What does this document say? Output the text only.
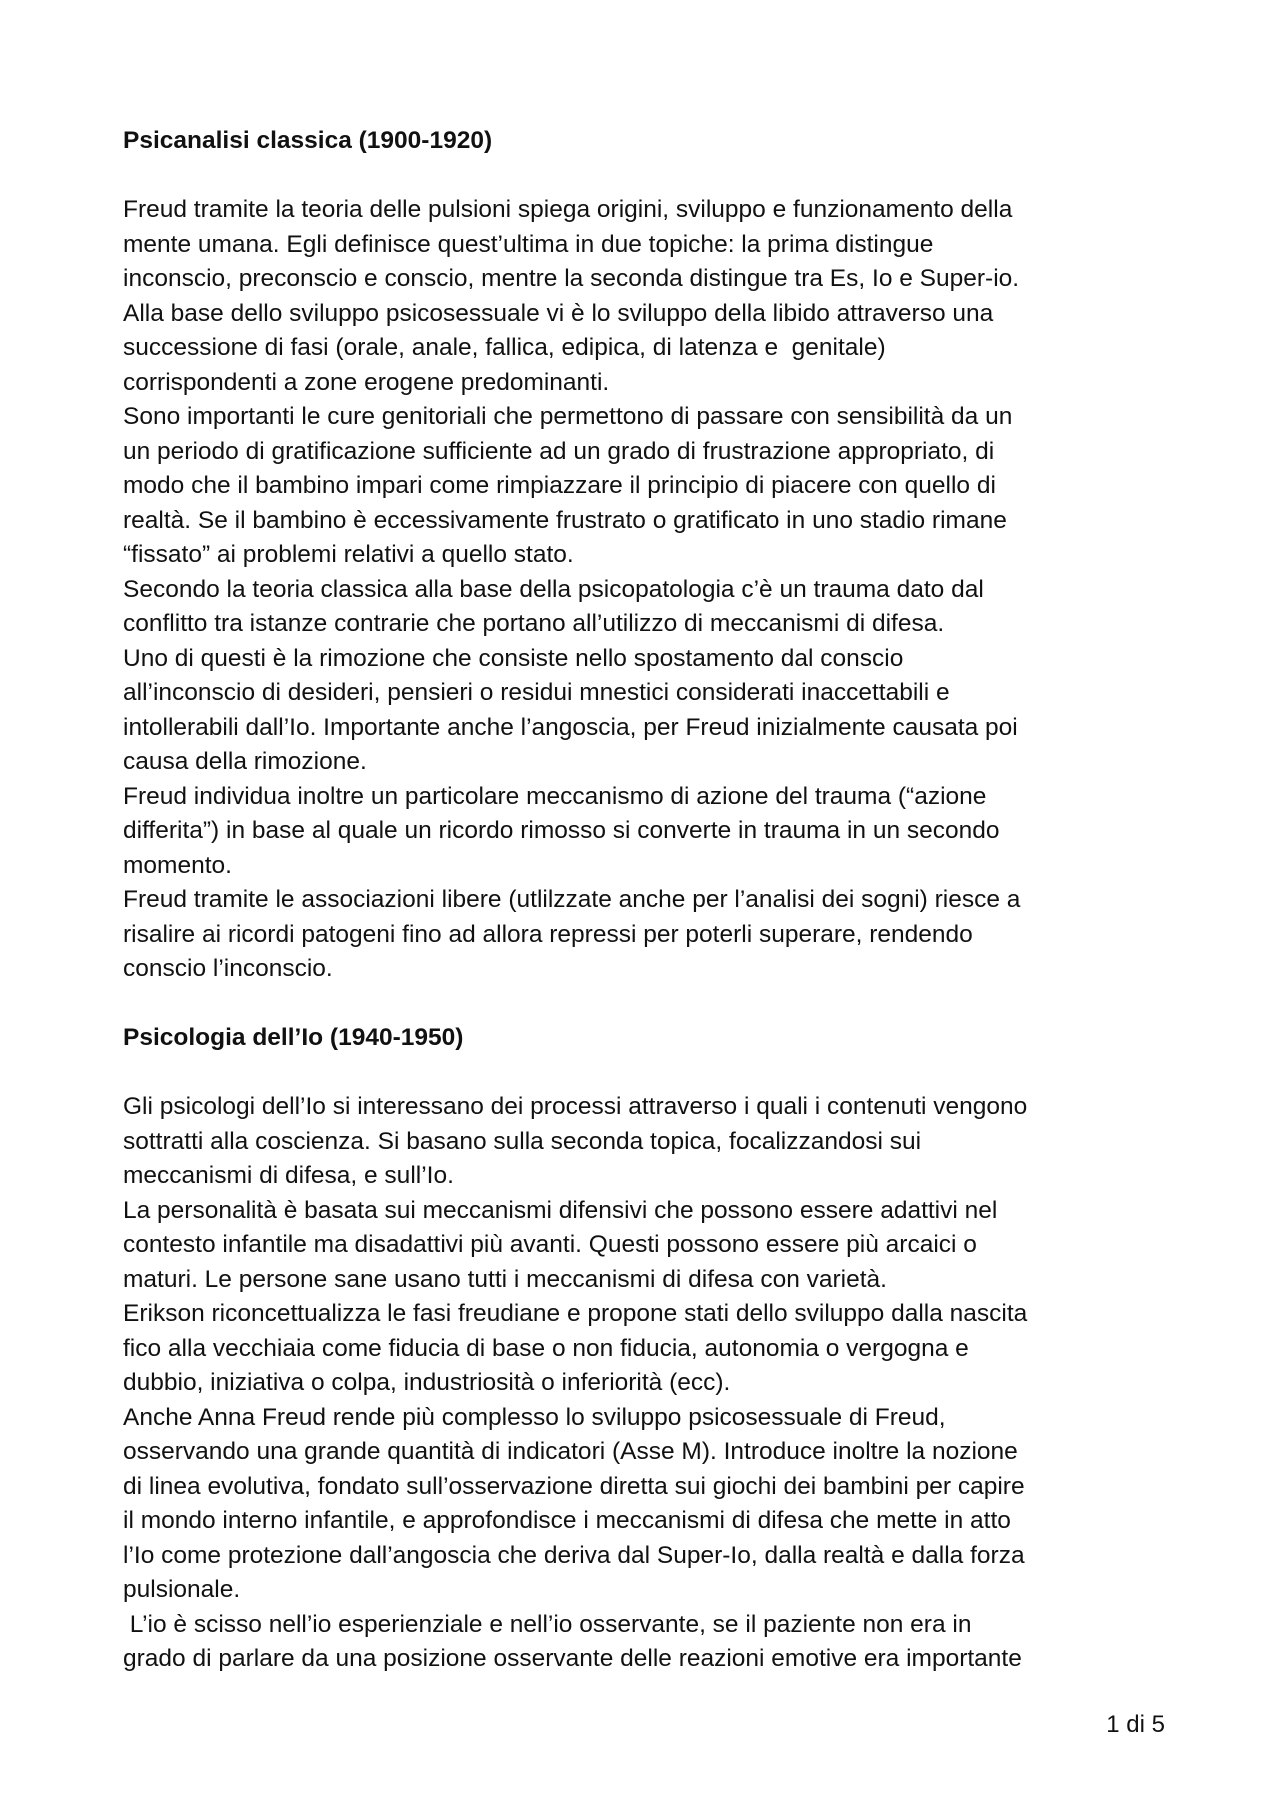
Psicanalisi classica (1900-1920)
Freud tramite la teoria delle pulsioni spiega origini, sviluppo e funzionamento della
mente umana. Egli definisce quest’ultima in due topiche: la prima distingue
inconscio, preconscio e conscio, mentre la seconda distingue tra Es, Io e Super-io.
Alla base dello sviluppo psicosessuale vi è lo sviluppo della libido attraverso una
successione di fasi (orale, anale, fallica, edipica, di latenza e  genitale)
corrispondenti a zone erogene predominanti.
Sono importanti le cure genitoriali che permettono di passare con sensibilità da un
un periodo di gratificazione sufficiente ad un grado di frustrazione appropriato, di
modo che il bambino impari come rimpiazzare il principio di piacere con quello di
realtà. Se il bambino è eccessivamente frustrato o gratificato in uno stadio rimane
“fissato” ai problemi relativi a quello stato.
Secondo la teoria classica alla base della psicopatologia c’è un trauma dato dal
conflitto tra istanze contrarie che portano all’utilizzo di meccanismi di difesa.
Uno di questi è la rimozione che consiste nello spostamento dal conscio
all’inconscio di desideri, pensieri o residui mnestici considerati inaccettabili e
intollerabili dall’Io. Importante anche l’angoscia, per Freud inizialmente causata poi
causa della rimozione.
Freud individua inoltre un particolare meccanismo di azione del trauma (“azione
differita”) in base al quale un ricordo rimosso si converte in trauma in un secondo
momento.
Freud tramite le associazioni libere (utlilzzate anche per l’analisi dei sogni) riesce a
risalire ai ricordi patogeni fino ad allora repressi per poterli superare, rendendo
conscio l’inconscio.
Psicologia dell’Io (1940-1950)
Gli psicologi dell’Io si interessano dei processi attraverso i quali i contenuti vengono
sottratti alla coscienza. Si basano sulla seconda topica, focalizzandosi sui
meccanismi di difesa, e sull’Io.
La personalità è basata sui meccanismi difensivi che possono essere adattivi nel
contesto infantile ma disadattivi più avanti. Questi possono essere più arcaici o
maturi. Le persone sane usano tutti i meccanismi di difesa con varietà.
Erikson riconcettualizza le fasi freudiane e propone stati dello sviluppo dalla nascita
fico alla vecchiaia come fiducia di base o non fiducia, autonomia o vergogna e
dubbio, iniziativa o colpa, industriosità o inferiorità (ecc).
Anche Anna Freud rende più complesso lo sviluppo psicosessuale di Freud,
osservando una grande quantità di indicatori (Asse M). Introduce inoltre la nozione
di linea evolutiva, fondato sull’osservazione diretta sui giochi dei bambini per capire
il mondo interno infantile, e approfondisce i meccanismi di difesa che mette in atto
l’Io come protezione dall’angoscia che deriva dal Super-Io, dalla realtà e dalla forza
pulsionale.
L’io è scisso nell’io esperienziale e nell’io osservante, se il paziente non era in
grado di parlare da una posizione osservante delle reazioni emotive era importante
1 di 5
